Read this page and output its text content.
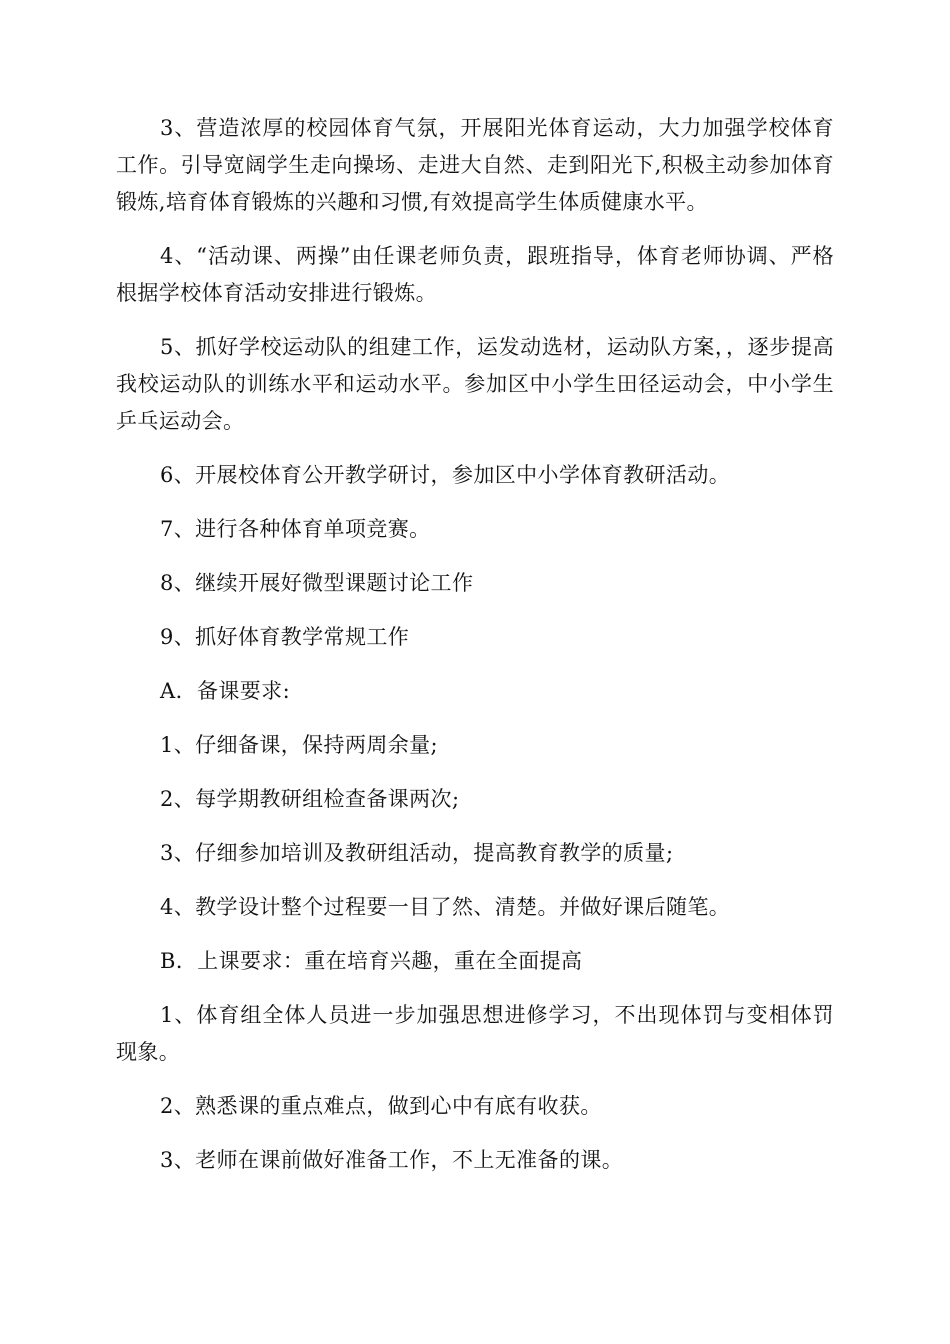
3、营造浓厚的校园体育气氛，开展阳光体育运动，大力加强学校体育工作。引导宽阔学生走向操场、走进大自然、走到阳光下,积极主动参加体育锻炼,培育体育锻炼的兴趣和习惯,有效提高学生体质健康水平。

4、“活动课、两操”由任课老师负责，跟班指导，体育老师协调、严格根据学校体育活动安排进行锻炼。

5、抓好学校运动队的组建工作，运发动选材，运动队方案，，逐步提高我校运动队的训练水平和运动水平。参加区中小学生田径运动会，中小学生乒乓运动会。

6、开展校体育公开教学研讨，参加区中小学体育教研活动。

7、进行各种体育单项竞赛。

8、继续开展好微型课题讨论工作

9、抓好体育教学常规工作

A．备课要求:

1、仔细备课，保持两周余量;

2、每学期教研组检查备课两次;

3、仔细参加培训及教研组活动，提高教育教学的质量;

4、教学设计整个过程要一目了然、清楚。并做好课后随笔。

B．上课要求：重在培育兴趣，重在全面提高

1、体育组全体人员进一步加强思想进修学习，不出现体罚与变相体罚现象。

2、熟悉课的重点难点，做到心中有底有收获。

3、老师在课前做好准备工作，不上无准备的课。
